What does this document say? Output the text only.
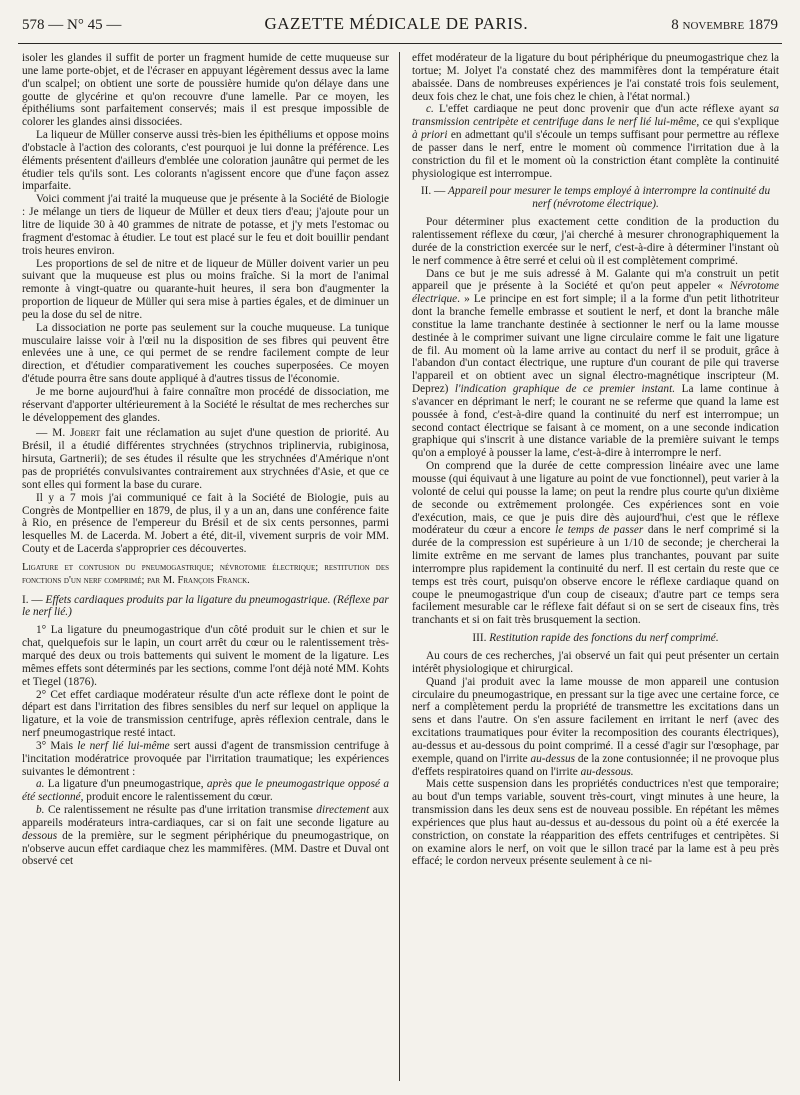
578 — N° 45 —	GAZETTE MÉDICALE DE PARIS.	8 novembre 1879

isoler les glandes il suffit de porter un fragment humide de cette muqueuse sur une lame porte-objet, et de l'écraser en appuyant légèrement dessus avec la lame d'un scalpel; on obtient une sorte de poussière humide qu'on délaye dans une goutte de glycérine et qu'on recouvre d'une lamelle. Par ce moyen, les épithéliums sont parfaitement conservés; mais il est presque impossible de colorer les glandes ainsi dissociées.

La liqueur de Müller conserve aussi très-bien les épithéliums et oppose moins d'obstacle à l'action des colorants, c'est pourquoi je lui donne la préférence. Les éléments présentent d'ailleurs d'emblée une coloration jaunâtre qui permet de les étudier tels qu'ils sont. Les colorants n'agissent encore que d'une façon assez imparfaite.

Voici comment j'ai traité la muqueuse que je présente à la Société de Biologie : Je mélange un tiers de liqueur de Müller et deux tiers d'eau; j'ajoute pour un litre de liquide 30 à 40 grammes de nitrate de potasse, et j'y mets l'estomac ou fragment d'estomac à étudier. Le tout est placé sur le feu et doit bouillir pendant trois heures environ.

Les proportions de sel de nitre et de liqueur de Müller doivent varier un peu suivant que la muqueuse est plus ou moins fraîche. Si la mort de l'animal remonte à vingt-quatre ou quarante-huit heures, il sera bon d'augmenter la proportion de liqueur de Müller qui sera mise à parties égales, et de diminuer un peu la dose du sel de nitre.

La dissociation ne porte pas seulement sur la couche muqueuse. La tunique musculaire laisse voir à l'œil nu la disposition de ses fibres qui peuvent être enlevées une à une, ce qui permet de se rendre facilement compte de leur direction, et d'étudier comparativement les couches superposées. Ce moyen d'étude pourra être sans doute appliqué à d'autres tissus de l'économie.

Je me borne aujourd'hui à faire connaître mon procédé de dissociation, me réservant d'apporter ultérieurement à la Société le résultat de mes recherches sur le développement des glandes.

— M. Jobert fait une réclamation au sujet d'une question de priorité. Au Brésil, il a étudié différentes strychnées (strychnos triplinervia, rubiginosa, hirsuta, Gartnerii); de ses études il résulte que les strychnées d'Amérique n'ont pas de propriétés convulsivantes contrairement aux strychnées d'Asie, et que ce sont elles qui forment la base du curare.

Il y a 7 mois j'ai communiqué ce fait à la Société de Biologie, puis au Congrès de Montpellier en 1879, de plus, il y a un an, dans une conférence faite à Rio, en présence de l'empereur du Brésil et de six cents personnes, parmi lesquelles M. de Lacerda. M. Jobert a été, dit-il, vivement surpris de voir MM. Couty et de Lacerda s'approprier ces découvertes.

Ligature et contusion du pneumogastrique; névrotomie électrique; restitution des fonctions d'un nerf comprimé; par M. François Franck.

I. — Effets cardiaques produits par la ligature du pneumogastrique. (Réflexe par le nerf lié.)

1° La ligature du pneumogastrique d'un côté produit sur le chien et sur le chat, quelquefois sur le lapin, un court arrêt du cœur ou le ralentissement très-marqué des deux ou trois battements qui suivent le moment de la ligature. Les mêmes effets sont déterminés par les sections, comme l'ont déjà noté MM. Kohts et Tiegel (1876).

2° Cet effet cardiaque modérateur résulte d'un acte réflexe dont le point de départ est dans l'irritation des fibres sensibles du nerf sur lequel on applique la ligature, et la voie de transmission centrifuge, après réflexion centrale, dans le nerf pneumogastrique resté intact.

3° Mais le nerf lié lui-même sert aussi d'agent de transmission centrifuge à l'incitation modératrice provoquée par l'irritation traumatique; les expériences suivantes le démontrent :

a. La ligature d'un pneumogastrique, après que le pneumogastrique opposé a été sectionné, produit encore le ralentissement du cœur.

b. Ce ralentissement ne résulte pas d'une irritation transmise directement aux appareils modérateurs intra-cardiaques, car si on fait une seconde ligature au dessous de la première, sur le segment périphérique du pneumogastrique, on n'observe aucun effet cardiaque chez les mammifères. (MM. Dastre et Duval ont observé cet

effet modérateur de la ligature du bout périphérique du pneumogastrique chez la tortue; M. Jolyet l'a constaté chez des mammifères dont la température était abaissée. Dans de nombreuses expériences je l'ai constaté trois fois seulement, deux fois chez le chat, une fois chez le chien, à l'état normal.)

c. L'effet cardiaque ne peut donc provenir que d'un acte réflexe ayant sa transmission centripète et centrifuge dans le nerf lié lui-même, ce qui s'explique à priori en admettant qu'il s'écoule un temps suffisant pour permettre au réflexe de passer dans le nerf, entre le moment où commence l'irritation due à la constriction du fil et le moment où la constriction étant complète la continuité physiologique est interrompue.

II. — Appareil pour mesurer le temps employé à interrompre la continuité du nerf (névrotome électrique).

Pour déterminer plus exactement cette condition de la production du ralentissement réflexe du cœur, j'ai cherché à mesurer chronographiquement la durée de la constriction exercée sur le nerf, c'est-à-dire à déterminer l'instant où le nerf commence à être serré et celui où il est complètement comprimé.

Dans ce but je me suis adressé à M. Galante qui m'a construit un petit appareil que je présente à la Société et qu'on peut appeler « Névrotome électrique. » Le principe en est fort simple; il a la forme d'un petit lithotriteur dont la branche femelle embrasse et soutient le nerf, et dont la branche mâle constitue la lame tranchante destinée à sectionner le nerf ou la lame mousse destinée à le comprimer suivant une ligne circulaire comme le fait une ligature de fil. Au moment où la lame arrive au contact du nerf il se produit, grâce à l'abandon d'un contact électrique, une rupture d'un courant de pile qui traverse l'appareil et on obtient avec un signal électro-magnétique inscripteur (M. Deprez) l'indication graphique de ce premier instant. La lame continue à s'avancer en déprimant le nerf; le courant ne se referme que quand la lame est poussée à fond, c'est-à-dire quand la continuité du nerf est interrompue; un second contact électrique se faisant à ce moment, on a une seconde indication graphique qui s'inscrit à une distance variable de la première suivant le temps qu'on a employé à pousser la lame, c'est-à-dire à interrompre le nerf.

On comprend que la durée de cette compression linéaire avec une lame mousse (qui équivaut à une ligature au point de vue fonctionnel), peut varier à la volonté de celui qui pousse la lame; on peut la rendre plus courte qu'un dixième de seconde ou extrêmement prolongée. Ces expériences sont en voie d'exécution, mais, ce que je puis dire dès aujourd'hui, c'est que le réflexe modérateur du cœur a encore le temps de passer dans le nerf comprimé si la durée de la compression est supérieure à un 1/10 de seconde; je chercherai la limite extrême en me servant de lames plus tranchantes, pouvant par suite interrompre plus rapidement la continuité du nerf. Il est certain du reste que ce temps est très court, puisqu'on observe encore le réflexe cardiaque quand on coupe le pneumogastrique d'un coup de ciseaux; d'autre part ce temps sera facilement mesurable car le réflexe fait défaut si on se sert de ciseaux fins, très tranchants et si on fait très brusquement la section.

III. Restitution rapide des fonctions du nerf comprimé.

Au cours de ces recherches, j'ai observé un fait qui peut présenter un certain intérêt physiologique et chirurgical.

Quand j'ai produit avec la lame mousse de mon appareil une contusion circulaire du pneumogastrique, en pressant sur la tige avec une certaine force, ce nerf a complètement perdu la propriété de transmettre les excitations dans un sens et dans l'autre. On s'en assure facilement en irritant le nerf (avec des excitations traumatiques pour éviter la recomposition des courants électriques), au-dessus et au-dessous du point comprimé. Il a cessé d'agir sur l'œsophage, par exemple, quand on l'irrite au-dessus de la zone contusionnée; il ne provoque plus d'effets respiratoires quand on l'irrite au-dessous.

Mais cette suspension dans les propriétés conductrices n'est que temporaire; au bout d'un temps variable, souvent très-court, vingt minutes à une heure, la transmission dans les deux sens est de nouveau possible. En répétant les mêmes expériences que plus haut au-dessus et au-dessous du point où a été exercée la constriction, on constate la réapparition des effets centrifuges et centripètes. Si on examine alors le nerf, on voit que le sillon tracé par la lame est à peu près effacé; le cordon nerveux présente seulement à ce ni-
